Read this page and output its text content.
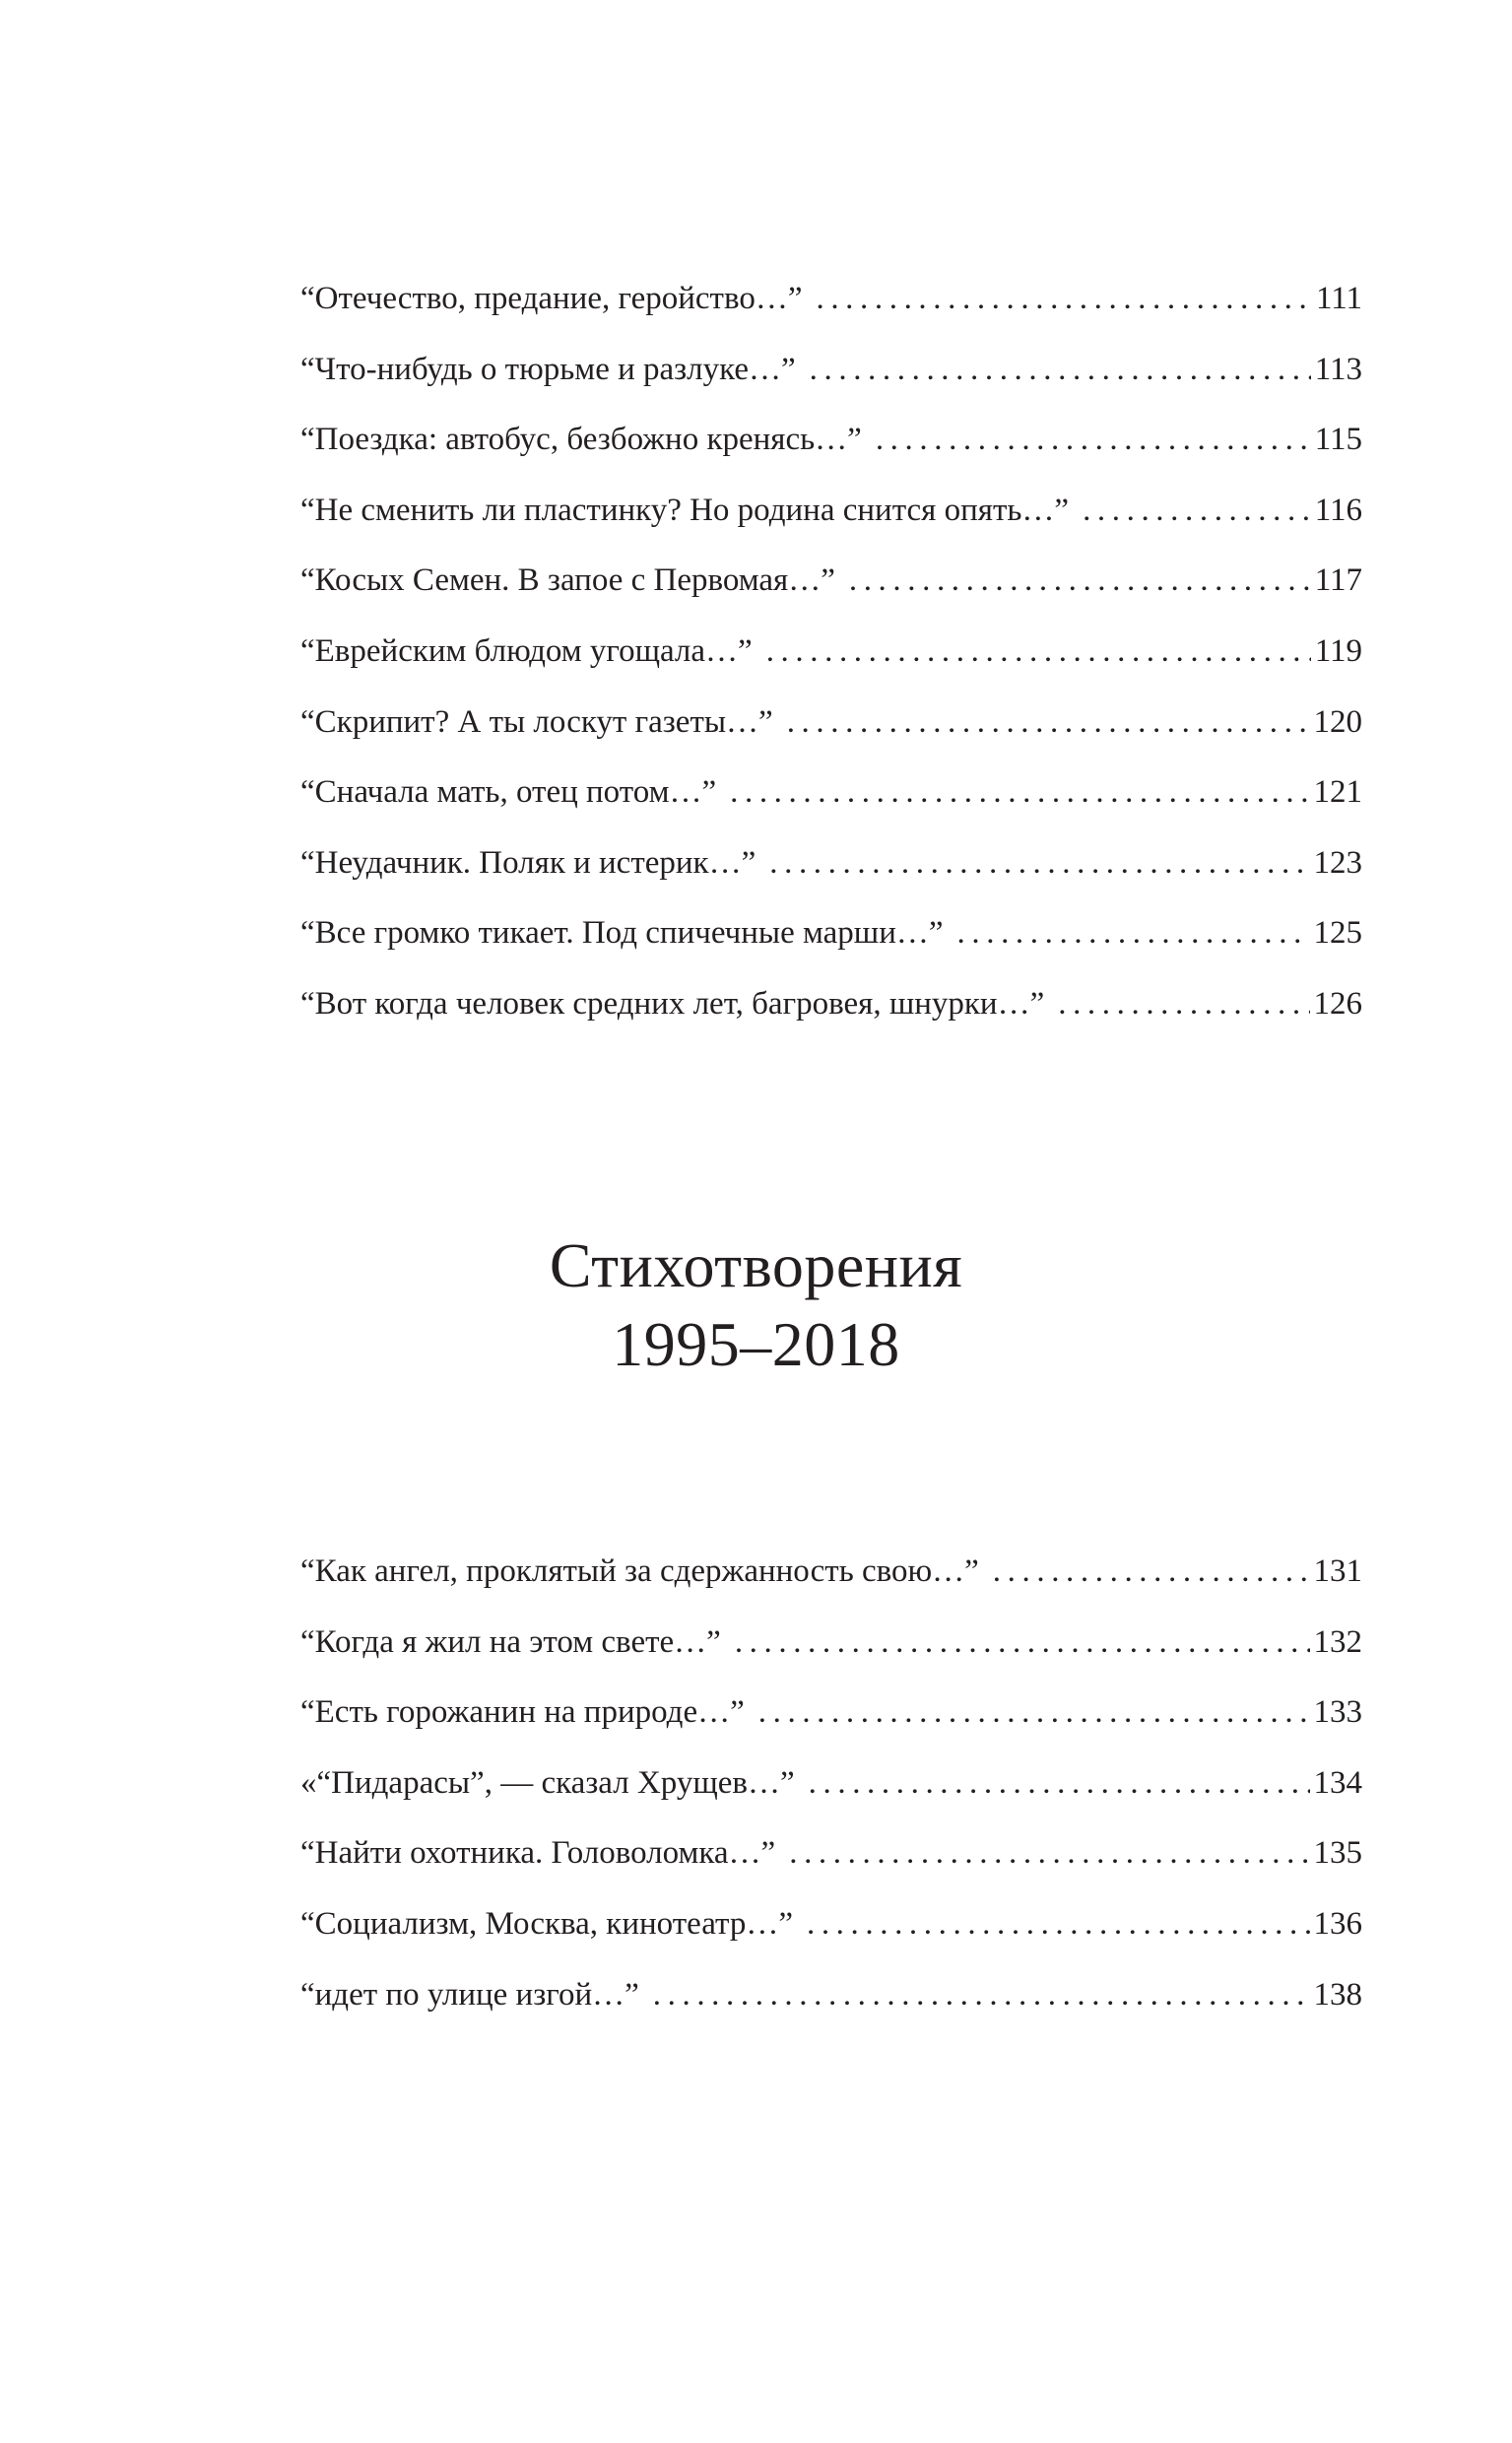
“Отечество, предание, геройство…” .....	111
“Что-нибудь о тюрьме и разлуке…” .....	113
“Поездка: автобус, безбожно кренясь…” .....	115
“Не сменить ли пластинку? Но родина снится опять…” .....	116
“Косых Семен. В запое с Первомая…” .....	117
“Еврейским блюдом угощала…” .....	119
“Скрипит? А ты лоскут газеты…” .....	120
“Сначала мать, отец потом…” .....	121
“Неудачник. Поляк и истерик…” .....	123
“Все громко тикает. Под спичечные марши…” .....	125
“Вот когда человек средних лет, багровея, шнурки…” .....	126
Стихотворения
1995–2018
“Как ангел, проклятый за сдержанность свою…” .....	131
“Когда я жил на этом свете…” .....	132
“Есть горожанин на природе…” .....	133
«“Пидарасы”, — сказал Хрущев…” .....	134
“Найти охотника. Головоломка…” .....	135
“Социализм, Москва, кинотеатр…” .....	136
“идет по улице изгой…” .....	138
